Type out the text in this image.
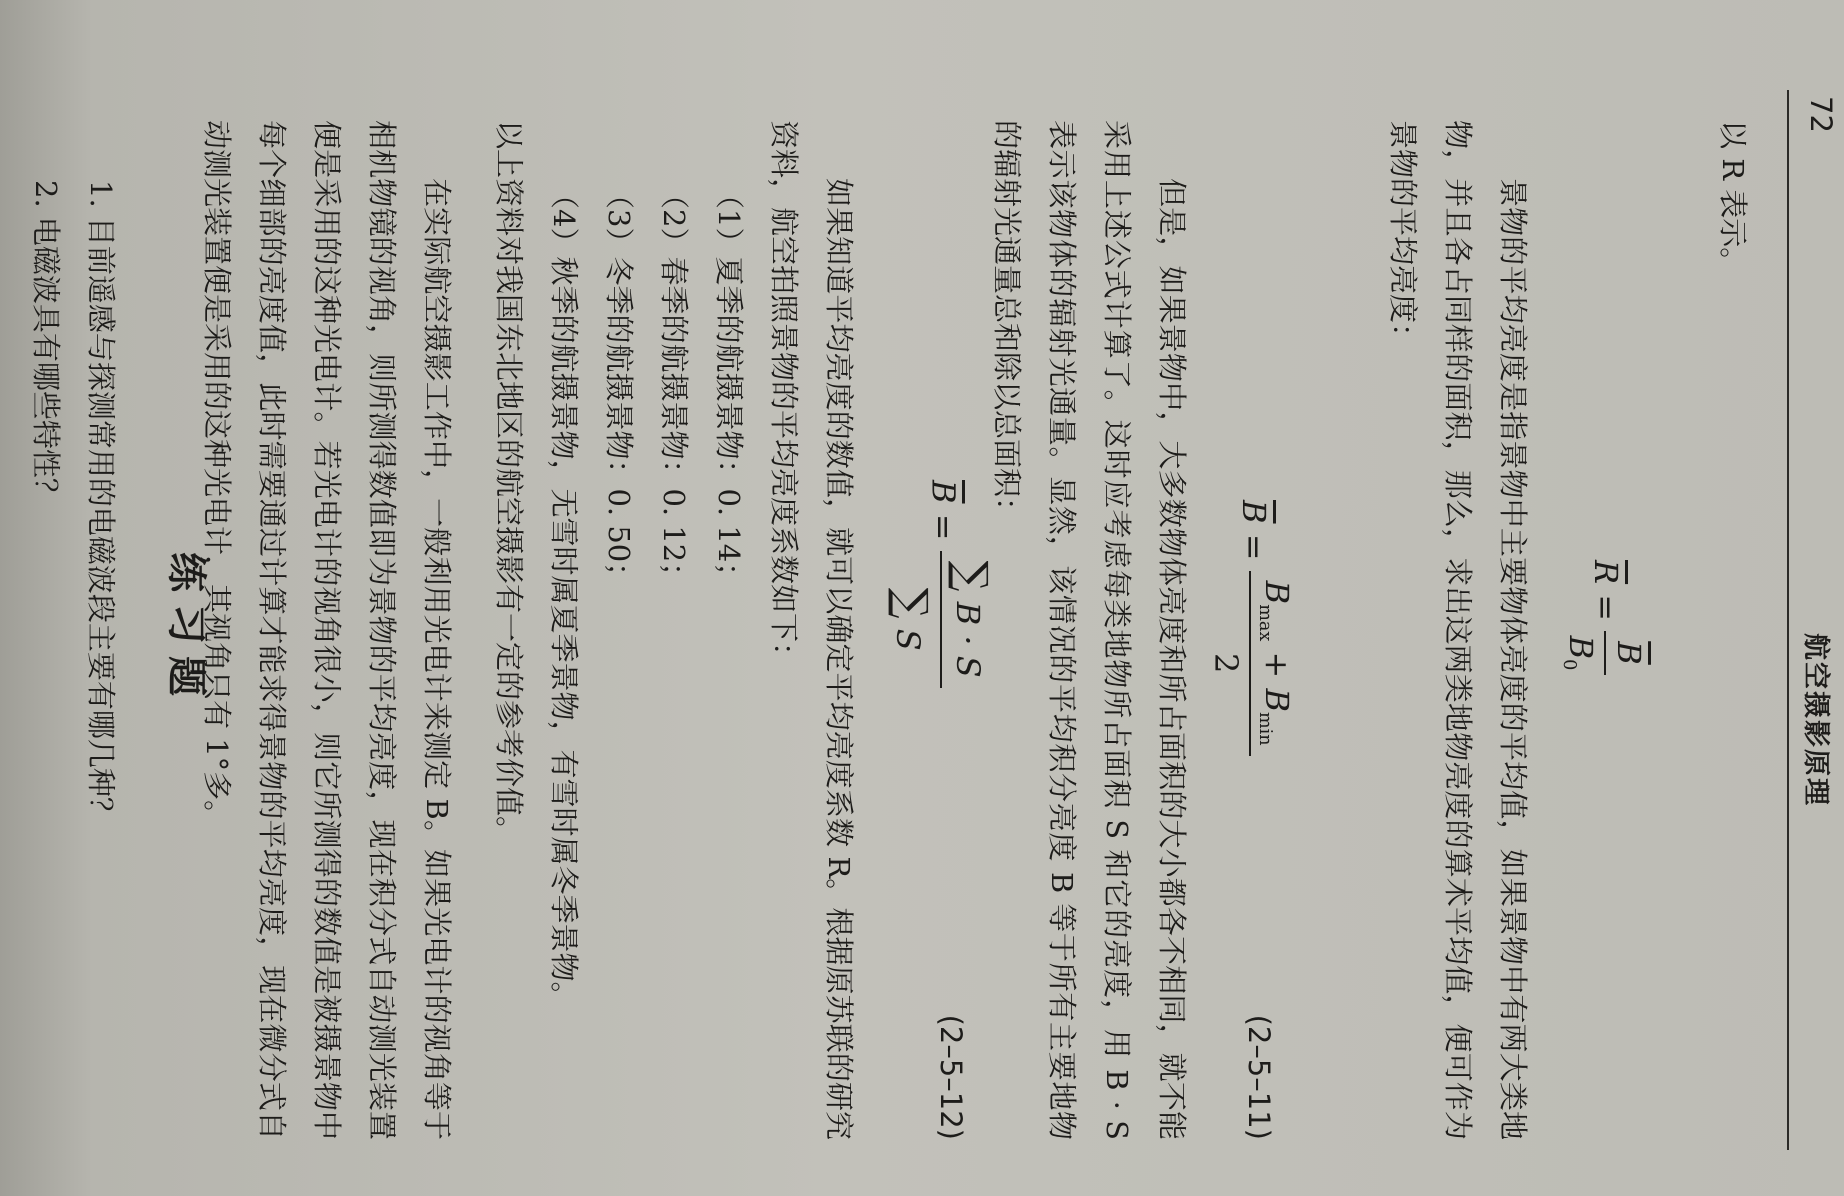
72
航空摄影原理

以 R 表示。

$\overline{R}$ =
$\overline{B}$
$B_0$

景物的平均亮度是指景物中主要物体亮度的平均值，如果景物中有两大类地物，并且各占同样的面积，那么，求出这两类地物亮度的算术平均值，便可作为景物的平均亮度：

$\overline{B}$ =
$B_{max} + B_{min}$
2
(2–5–11)

但是，如果景物中，大多数物体亮度和所占面积的大小都各不相同，就不能采用上述公式计算了。这时应考虑每类地物所占面积 S 和它的亮度，用 B · S 表示该物体的辐射光通量。显然，该情况的平均积分亮度 B 等于所有主要地物的辐射光通量总和除以总面积：

$\overline{B}$ =
∑ B · S
∑ S
(2–5–12)

如果知道平均亮度的数值，就可以确定平均亮度系数 R。根据原苏联的研究资料，航空拍照景物的平均亮度系数如下：

（1）夏季的航摄景物：0. 14；

（2）春季的航摄景物：0. 12；

（3）冬季的航摄景物：0. 50；

（4）秋季的航摄景物，无雪时属夏季景物，有雪时属冬季景物。

以上资料对我国东北地区的航空摄影有一定的参考价值。

在实际航空摄影工作中，一般利用光电计来测定 B。如果光电计的视角等于相机物镜的视角，则所测得数值即为景物的平均亮度，现在积分式自动测光装置便是采用的这种光电计。若光电计的视角很小，则它所测得的数值是被摄景物中每个细部的亮度值，此时需要通过计算才能求得景物的平均亮度，现在微分式自动测光装置便是采用的这种光电计，其视角只有 1°多。

练习题

1. 目前遥感与探测常用的电磁波段主要有哪几种？

2. 电磁波具有哪些特性？
